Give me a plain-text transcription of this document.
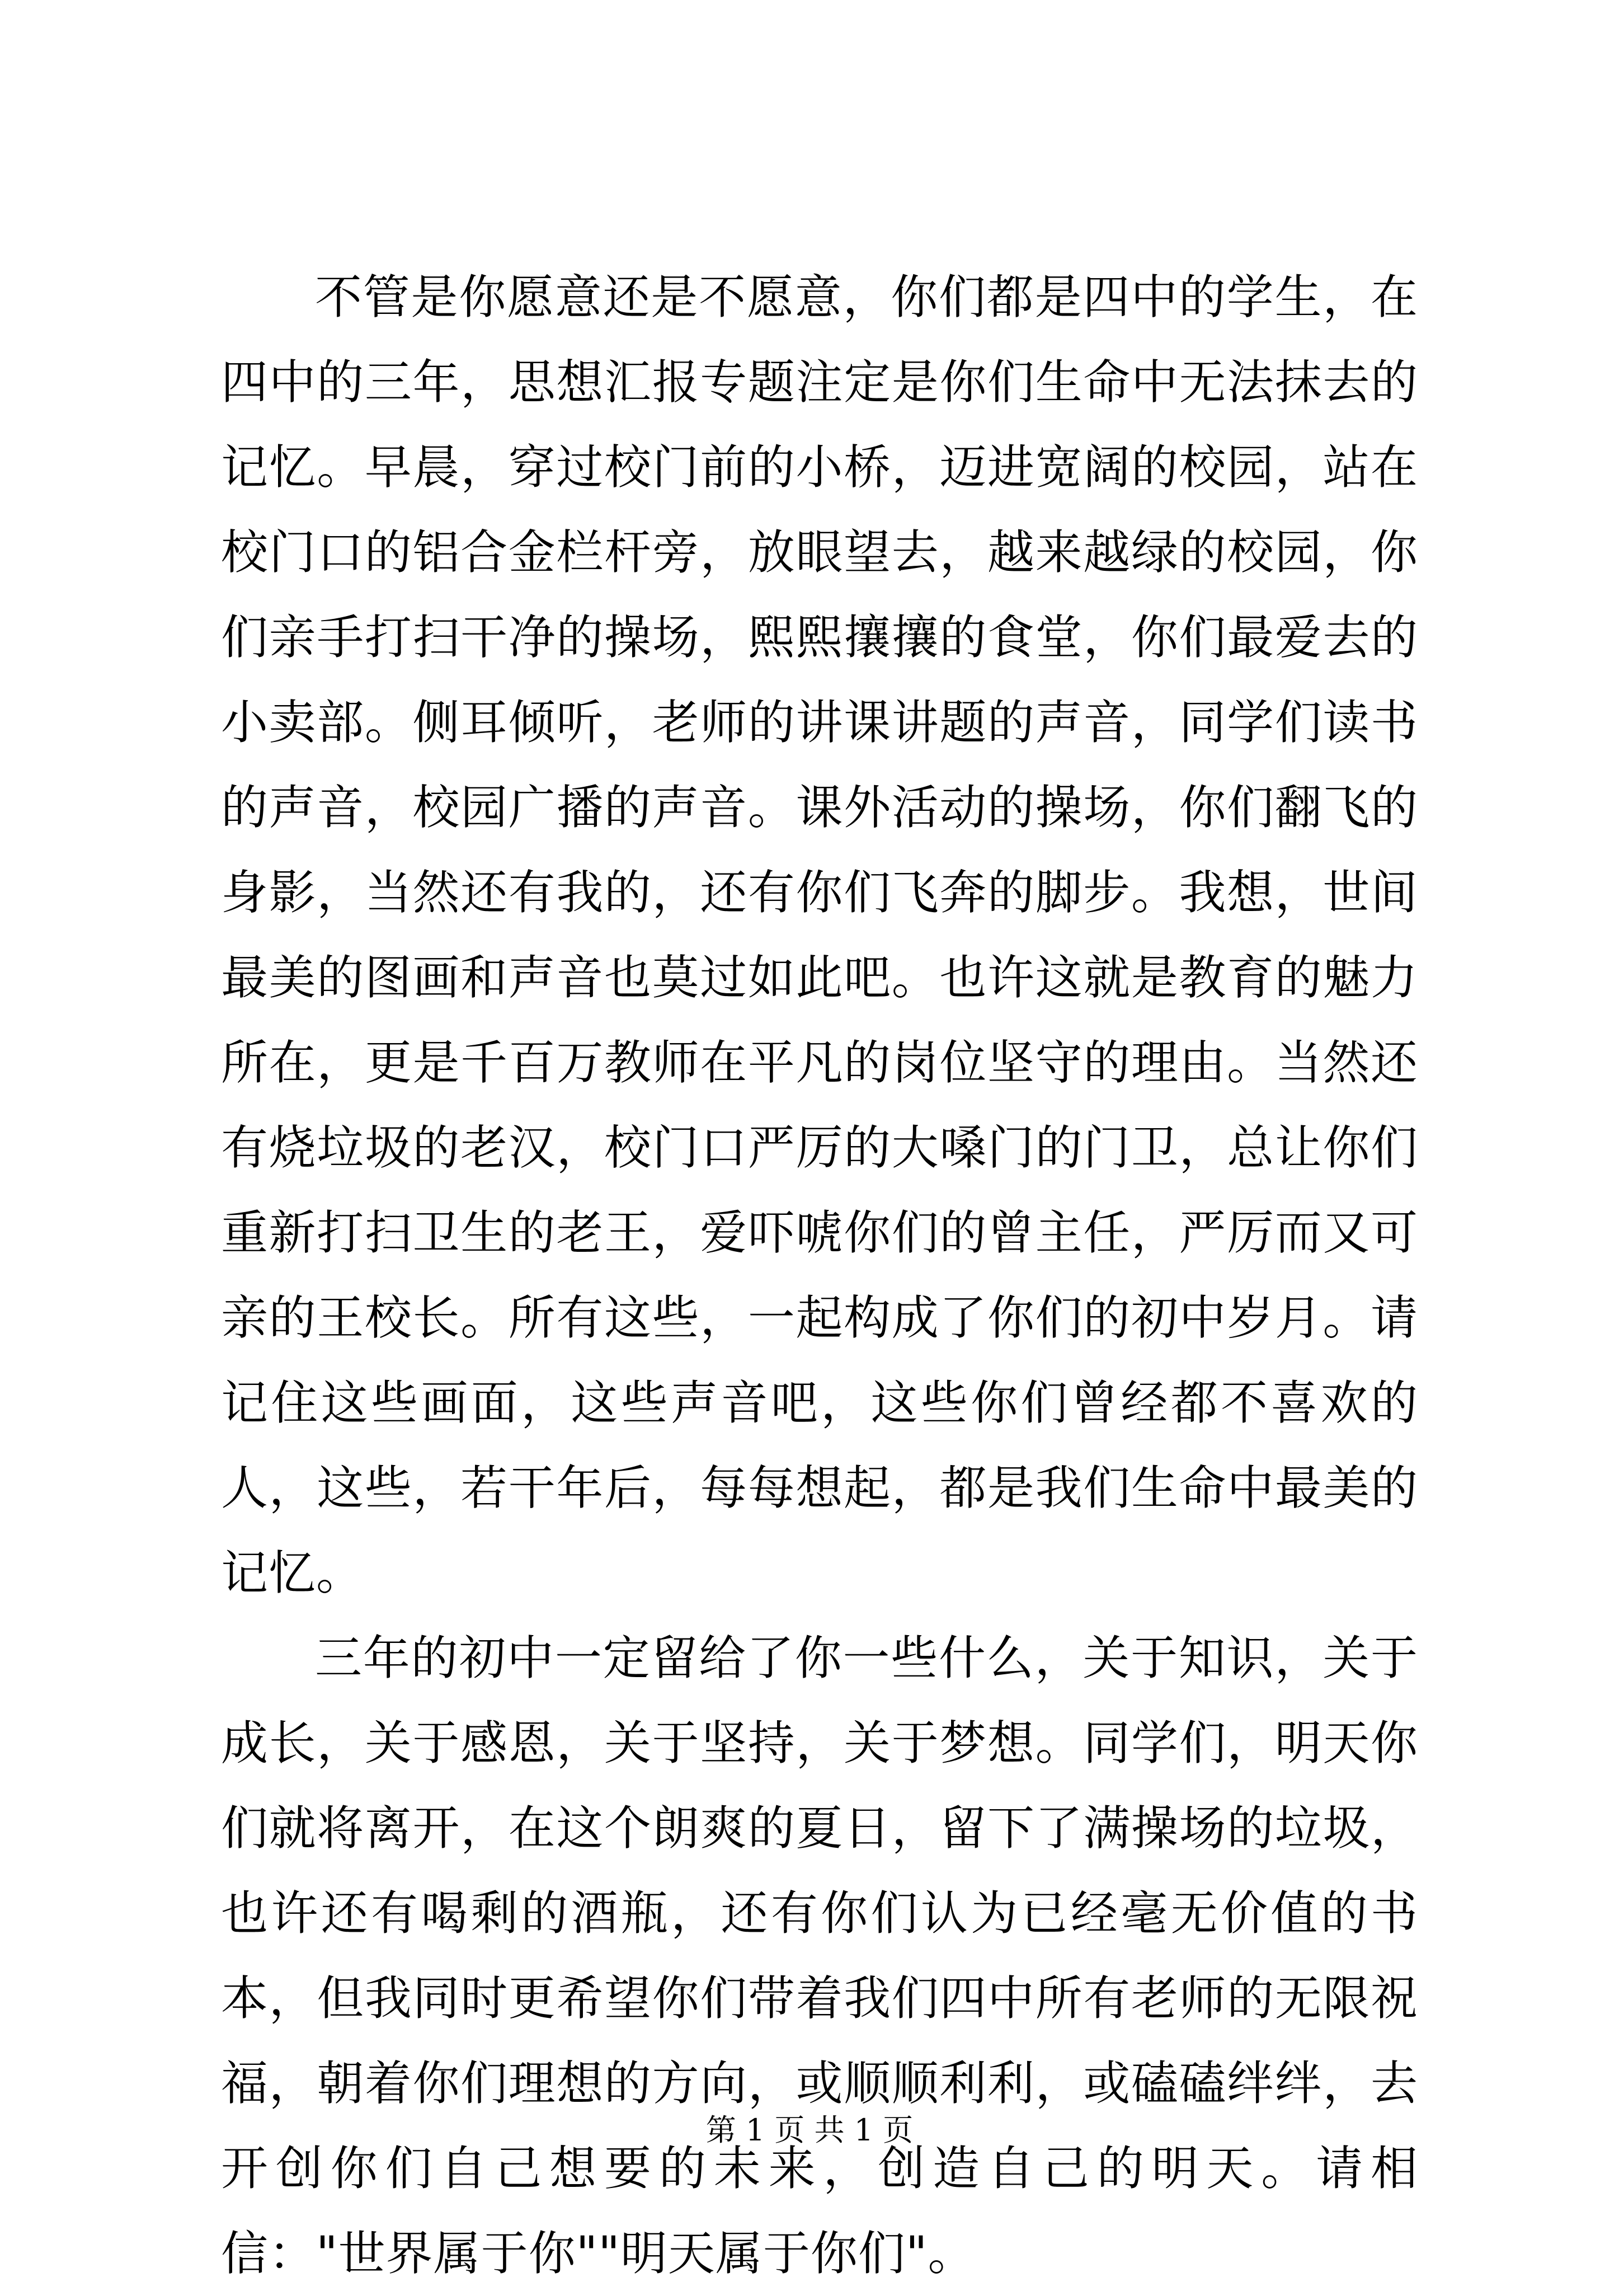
不管是你愿意还是不愿意，你们都是四中的学生，在四中的三年，思想汇报专题注定是你们生命中无法抹去的记忆。早晨，穿过校门前的小桥，迈进宽阔的校园，站在校门口的铝合金栏杆旁，放眼望去，越来越绿的校园，你们亲手打扫干净的操场，熙熙攘攘的食堂，你们最爱去的小卖部。侧耳倾听，老师的讲课讲题的声音，同学们读书的声音，校园广播的声音。课外活动的操场，你们翻飞的身影，当然还有我的，还有你们飞奔的脚步。我想，世间最美的图画和声音也莫过如此吧。也许这就是教育的魅力所在，更是千百万教师在平凡的岗位坚守的理由。当然还有烧垃圾的老汉，校门口严厉的大嗓门的门卫，总让你们重新打扫卫生的老王，爱吓唬你们的曾主任，严厉而又可亲的王校长。所有这些，一起构成了你们的初中岁月。请记住这些画面，这些声音吧，这些你们曾经都不喜欢的人，这些，若干年后，每每想起，都是我们生命中最美的记忆。

三年的初中一定留给了你一些什么，关于知识，关于成长，关于感恩，关于坚持，关于梦想。同学们，明天你们就将离开，在这个朗爽的夏日，留下了满操场的垃圾，也许还有喝剩的酒瓶，还有你们认为已经毫无价值的书本，但我同时更希望你们带着我们四中所有老师的无限祝福，朝着你们理想的方向，或顺顺利利，或磕磕绊绊，去开创你们自己想要的未来，创造自己的明天。请相信："世界属于你""明天属于你们"。

第 1 页 共 1 页
